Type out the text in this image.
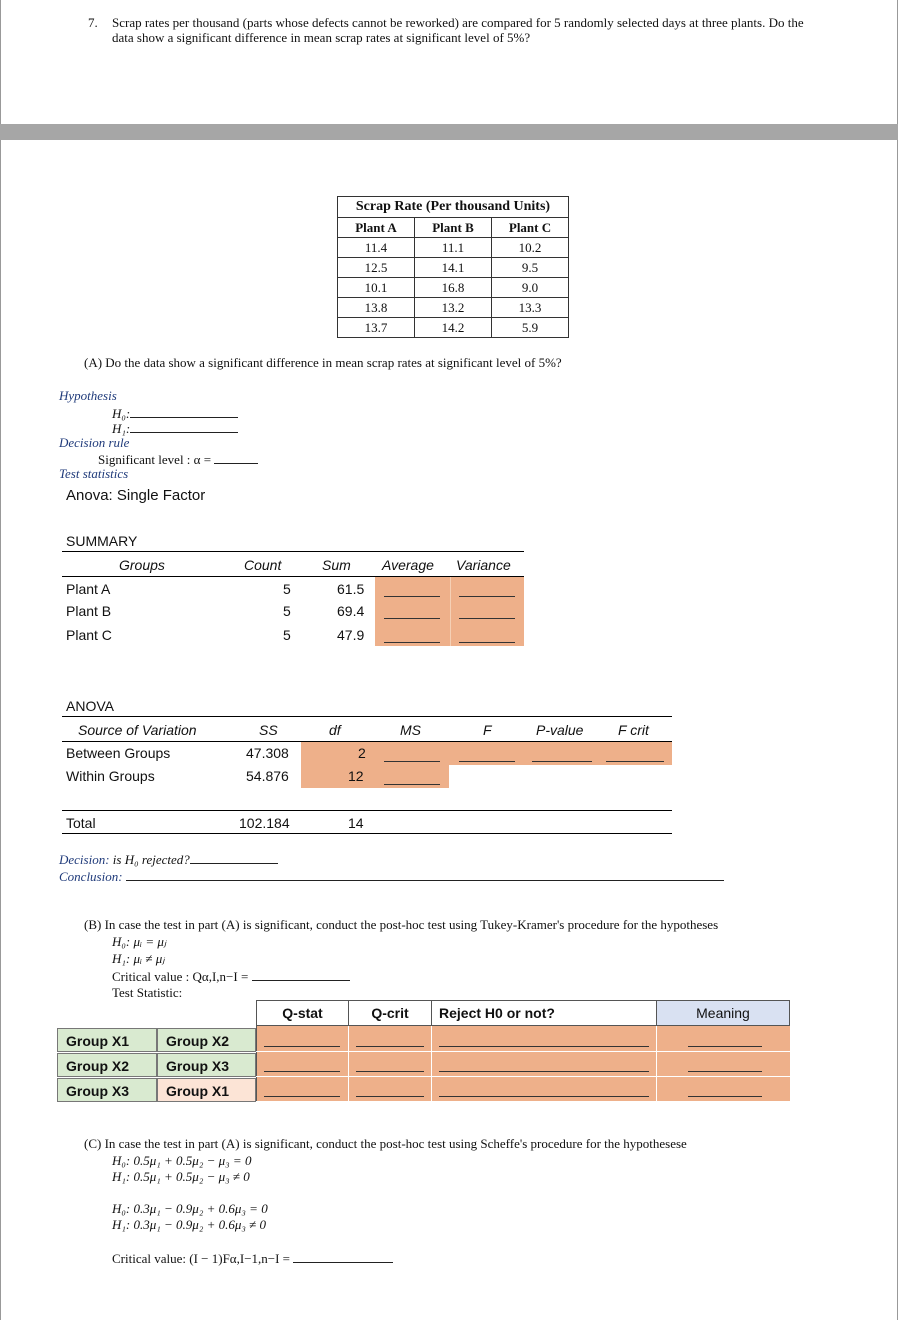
7. Scrap rates per thousand (parts whose defects cannot be reworked) are compared for 5 randomly selected days at three plants. Do the
data show a significant difference in mean scrap rates at significant level of 5%?
Scrap Rate (Per thousand Units)		
Plant A	Plant B	Plant C
11.4	11.1	10.2
12.5	14.1	9.5
10.1	16.8	9.0
13.8	13.2	13.3
13.7	14.2	5.9
(A) Do the data show a significant difference in mean scrap rates at significant level of 5%?
Hypothesis
H₀:
H₁:
Decision rule
Significant level : α =
Test statistics
Anova: Single Factor
SUMMARY
Groups	Count	Sum Average Variance
Plant A	5	61.5
Plant B	5	69.4
Plant C	5	47.9
ANOVA
Source of Variation	SS	df	MS	F	P-value F crit
Between Groups	47.308	2
Within Groups	54.876	12
Total	102.184	14
Decision: is H₀ rejected?
Conclusion:
(B) In case the test in part (A) is significant, conduct the post-hoc test using Tukey-Kramer's procedure for the hypotheses
H₀: μᵢ = μⱼ
H₁: μᵢ ≠ μⱼ
Critical value : Qα,I,n−I =
Test Statistic:
Q-stat	Q-crit	Reject H0 or not?	Meaning
Group X1	Group X2
Group X2	Group X3
Group X3	Group X1
(C) In case the test in part (A) is significant, conduct the post-hoc test using Scheffe's procedure for the hypothesese
H₀: 0.5μ₁ + 0.5μ₂ − μ₃ = 0
H₁: 0.5μ₁ + 0.5μ₂ − μ₃ ≠ 0
H₀: 0.3μ₁ − 0.9μ₂ + 0.6μ₃ = 0
H₁: 0.3μ₁ − 0.9μ₂ + 0.6μ₃ ≠ 0
Critical value: (I − 1)Fα,I−1,n−I =
